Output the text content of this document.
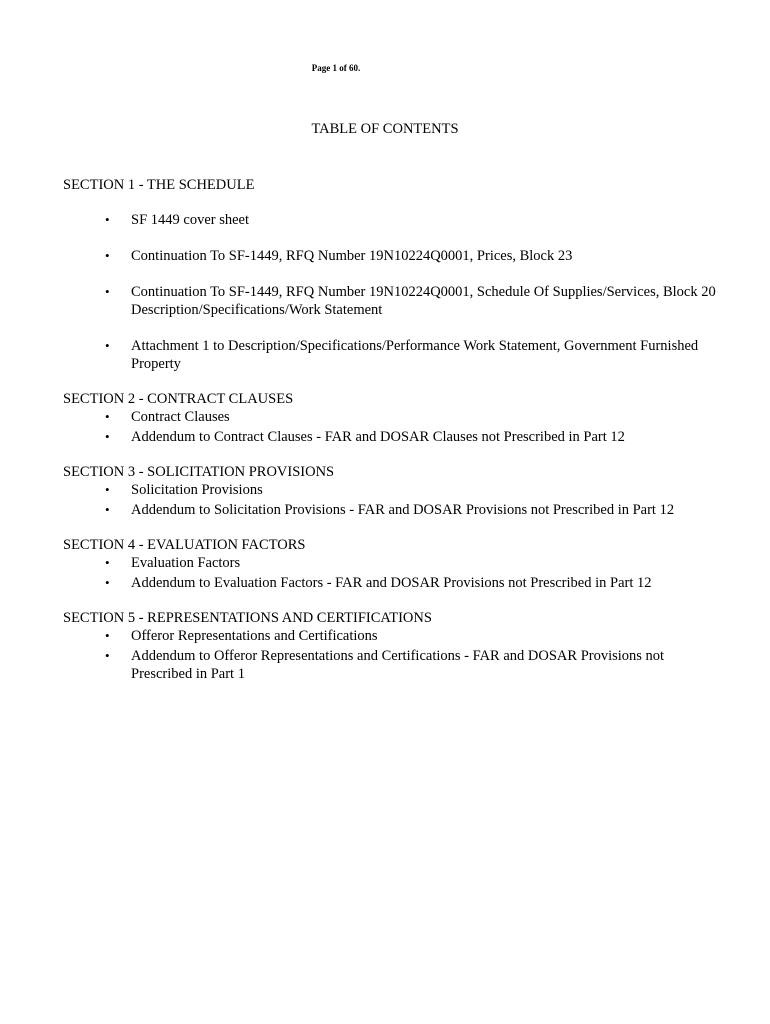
Page 1 of 60.
TABLE OF CONTENTS
SECTION 1 - THE SCHEDULE
• SF 1449 cover sheet
• Continuation To SF-1449, RFQ Number 19N10224Q0001, Prices, Block 23
• Continuation To SF-1449, RFQ Number 19N10224Q0001, Schedule Of Supplies/Services, Block 20 Description/Specifications/Work Statement
• Attachment 1 to Description/Specifications/Performance Work Statement, Government Furnished Property
SECTION 2 - CONTRACT CLAUSES
• Contract Clauses
• Addendum to Contract Clauses - FAR and DOSAR Clauses not Prescribed in Part 12
SECTION 3 - SOLICITATION PROVISIONS
• Solicitation Provisions
• Addendum to Solicitation Provisions - FAR and DOSAR Provisions not Prescribed in Part 12
SECTION 4 - EVALUATION FACTORS
• Evaluation Factors
• Addendum to Evaluation Factors - FAR and DOSAR Provisions not Prescribed in Part 12
SECTION 5 - REPRESENTATIONS AND CERTIFICATIONS
• Offeror Representations and Certifications
• Addendum to Offeror Representations and Certifications - FAR and DOSAR Provisions not Prescribed in Part 1
